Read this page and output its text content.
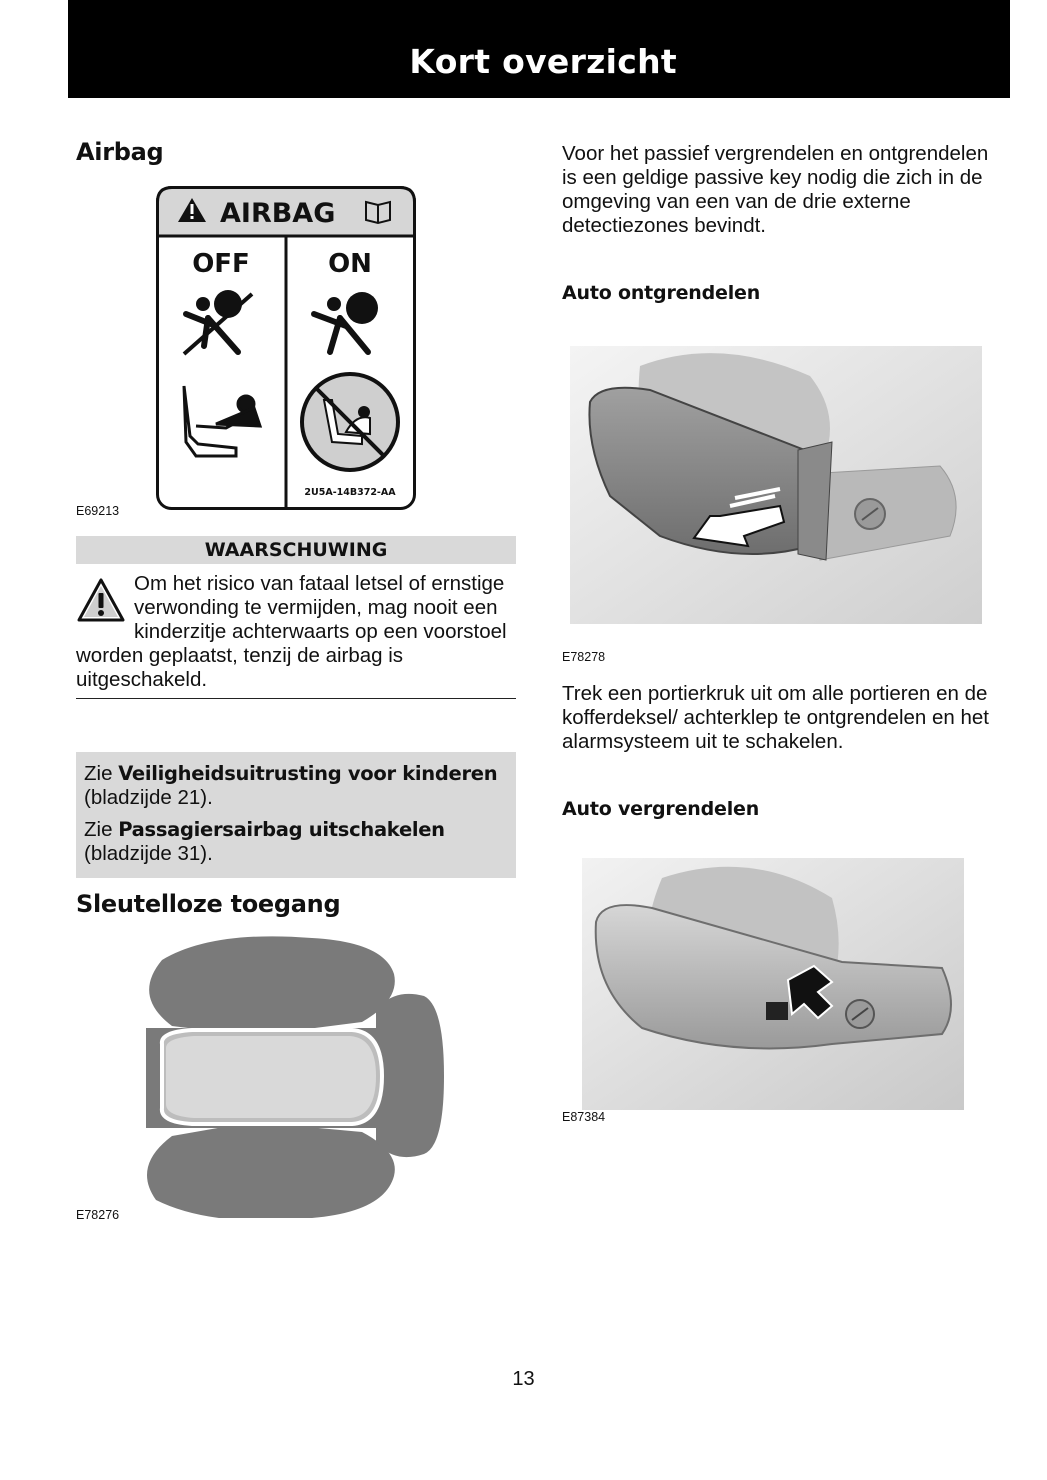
Kort overzicht
Airbag
AIRBAG
OFF	ON
2U5A-14B372-AA
E69213
WAARSCHUWING

Om het risico van fataal letsel of ernstige verwonding te vermijden, mag nooit een kinderzitje achterwaarts op een voorstoel worden geplaatst, tenzij de airbag is uitgeschakeld.

Zie Veiligheidsuitrusting voor kinderen (bladzijde 21).

Zie Passagiersairbag uitschakelen (bladzijde 31).

Sleutelloze toegang
E78276

Voor het passief vergrendelen en ontgrendelen is een geldige passive key nodig die zich in de omgeving van een van de drie externe detectiezones bevindt.

Auto ontgrendelen
E78278

Trek een portierkruk uit om alle portieren en de kofferdeksel/ achterklep te ontgrendelen en het alarmsysteem uit te schakelen.

Auto vergrendelen
E87384
13
